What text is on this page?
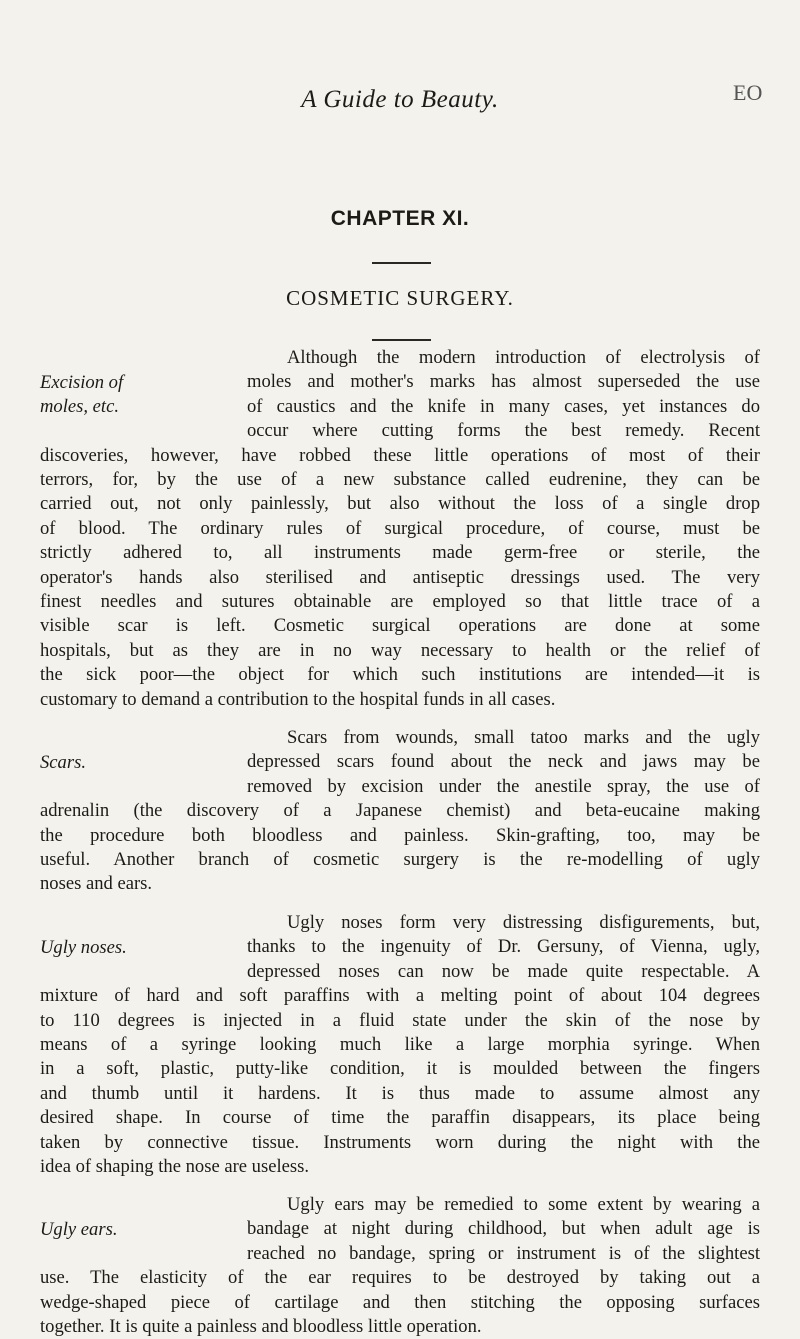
A Guide to Beauty.	EO
CHAPTER XI.
COSMETIC SURGERY.
Excision of
moles, etc.
Although the modern introduction of electrolysis of
moles and mother's marks has almost superseded the use
of caustics and the knife in many cases, yet instances do
occur where cutting forms the best remedy. Recent
discoveries, however, have robbed these little operations of most of their
terrors, for, by the use of a new substance called eudrenine, they can be
carried out, not only painlessly, but also without the loss of a single drop
of blood. The ordinary rules of surgical procedure, of course, must be
strictly adhered to, all instruments made germ-free or sterile, the
operator's hands also sterilised and antiseptic dressings used. The very
finest needles and sutures obtainable are employed so that little trace of a
visible scar is left. Cosmetic surgical operations are done at some
hospitals, but as they are in no way necessary to health or the relief of
the sick poor—the object for which such institutions are intended—it is
customary to demand a contribution to the hospital funds in all cases.
Scars.
Scars from wounds, small tatoo marks and the ugly
depressed scars found about the neck and jaws may be
removed by excision under the anestile spray, the use of
adrenalin (the discovery of a Japanese chemist) and beta-eucaine making
the procedure both bloodless and painless. Skin-grafting, too, may be
useful. Another branch of cosmetic surgery is the re-modelling of ugly
noses and ears.
Ugly noses.
Ugly noses form very distressing disfigurements, but,
thanks to the ingenuity of Dr. Gersuny, of Vienna, ugly,
depressed noses can now be made quite respectable. A
mixture of hard and soft paraffins with a melting point of about 104 degrees
to 110 degrees is injected in a fluid state under the skin of the nose by
means of a syringe looking much like a large morphia syringe. When
in a soft, plastic, putty-like condition, it is moulded between the fingers
and thumb until it hardens. It is thus made to assume almost any
desired shape. In course of time the paraffin disappears, its place being
taken by connective tissue. Instruments worn during the night with the
idea of shaping the nose are useless.
Ugly ears.
Ugly ears may be remedied to some extent by wearing a
bandage at night during childhood, but when adult age is
reached no bandage, spring or instrument is of the slightest
use. The elasticity of the ear requires to be destroyed by taking out a
wedge-shaped piece of cartilage and then stitching the opposing surfaces
together. It is quite a painless and bloodless little operation.
